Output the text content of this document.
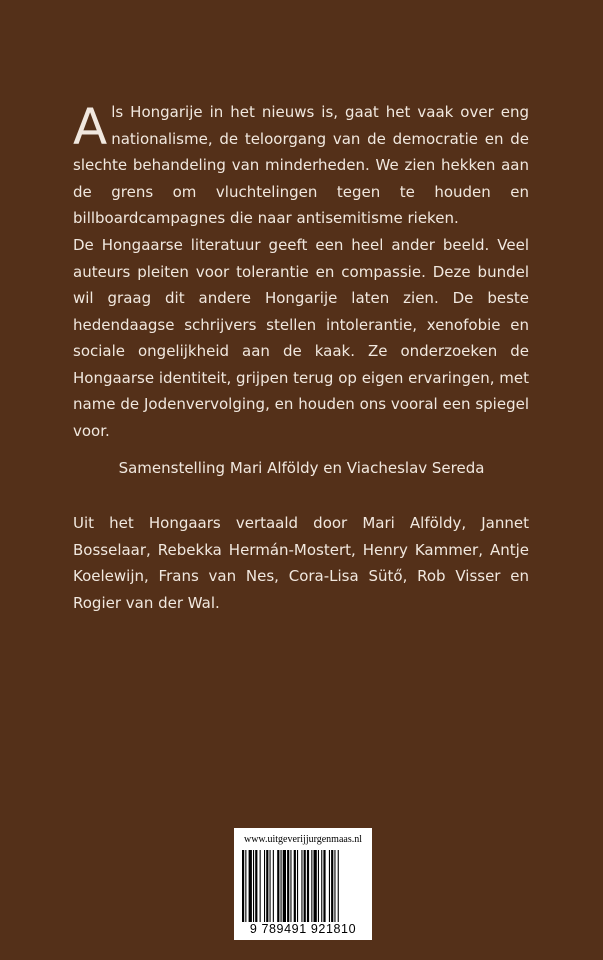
Als Hongarije in het nieuws is, gaat het vaak over eng nationalisme, de teloorgang van de democratie en de slechte behandeling van minderheden. We zien hekken aan de grens om vluchtelingen tegen te houden en billboardcampagnes die naar antisemitisme rieken.

De Hongaarse literatuur geeft een heel ander beeld. Veel auteurs pleiten voor tolerantie en compassie. Deze bundel wil graag dit andere Hongarije laten zien. De beste hedendaagse schrijvers stellen intolerantie, xenofobie en sociale ongelijkheid aan de kaak. Ze onderzoeken de Hongaarse identiteit, grijpen terug op eigen ervaringen, met name de Jodenvervolging, en houden ons vooral een spiegel voor.

Samenstelling Mari Alföldy en Viacheslav Sereda

Uit het Hongaars vertaald door Mari Alföldy, Jannet Bosselaar, Rebekka Hermán-Mostert, Henry Kammer, Antje Koelewijn, Frans van Nes, Cora-Lisa Sütő, Rob Visser en Rogier van der Wal.

www.uitgeverijjurgenmaas.nl
9 789491 921810
